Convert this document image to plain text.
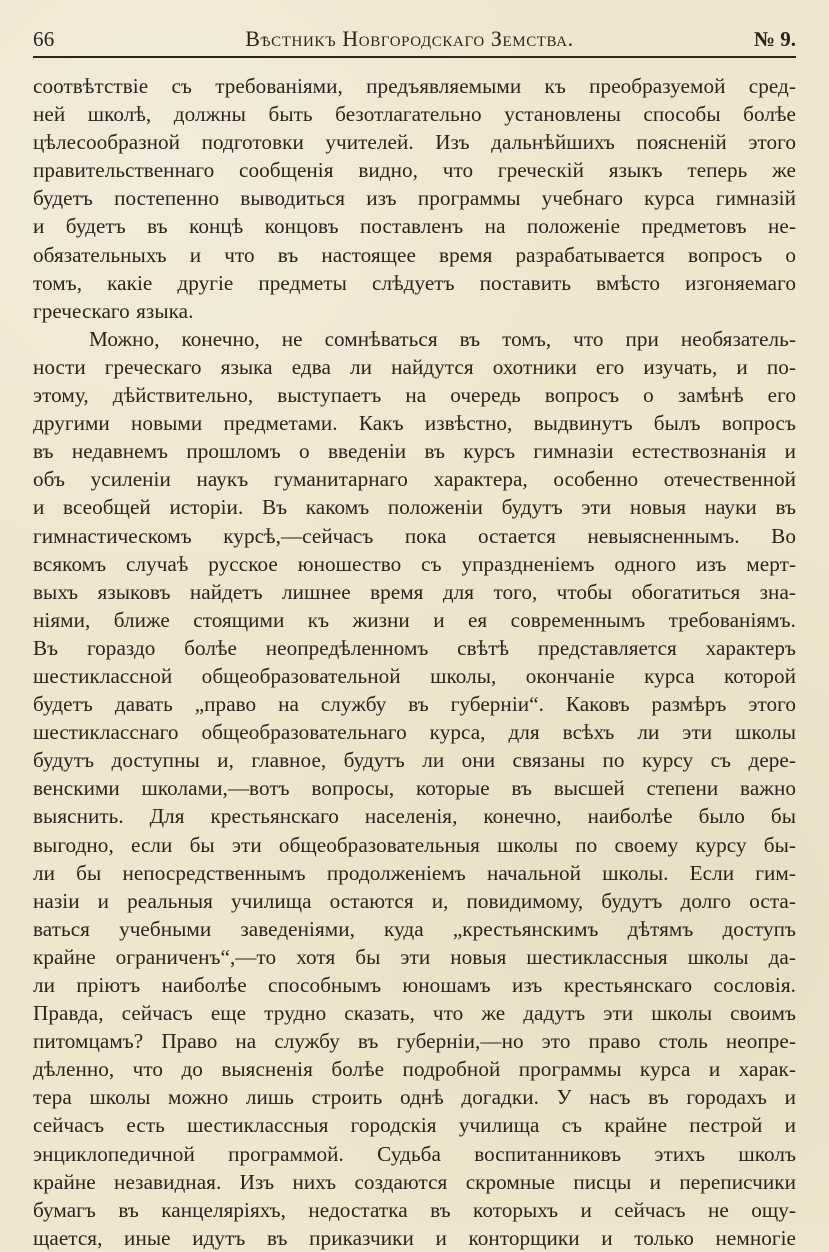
66	Вѣстникъ Новгородскаго Земства.	№ 9.
соотвѣтствіе съ требованіями, предъявляемыми къ преобразуемой сред-
ней школѣ, должны быть безотлагательно установлены способы болѣе
цѣлесообразной подготовки учителей. Изъ дальнѣйшихъ поясненій этого
правительственнаго сообщенія видно, что греческій языкъ теперь же
будетъ постепенно выводиться изъ программы учебнаго курса гимназій
и будетъ въ концѣ концовъ поставленъ на положеніе предметовъ не-
обязательныхъ и что въ настоящее время разрабатывается вопросъ о
томъ, какіе другіе предметы слѣдуетъ поставить вмѣсто изгоняемаго
греческаго языка.
Можно, конечно, не сомнѣваться въ томъ, что при необязатель-
ности греческаго языка едва ли найдутся охотники его изучать, и по-
этому, дѣйствительно, выступаетъ на очередь вопросъ о замѣнѣ его
другими новыми предметами. Какъ извѣстно, выдвинутъ былъ вопросъ
въ недавнемъ прошломъ о введеніи въ курсъ гимназіи естествознанія и
объ усиленіи наукъ гуманитарнаго характера, особенно отечественной
и всеобщей исторіи. Въ какомъ положеніи будутъ эти новыя науки въ
гимнастическомъ курсѣ,—сейчасъ пока остается невыясненнымъ. Во
всякомъ случаѣ русское юношество съ упраздненіемъ одного изъ мерт-
выхъ языковъ найдетъ лишнее время для того, чтобы обогатиться зна-
ніями, ближе стоящими къ жизни и ея современнымъ требованіямъ.
Въ гораздо болѣе неопредѣленномъ свѣтѣ представляется характеръ
шестиклассной общеобразовательной школы, окончаніе курса которой
будетъ давать „право на службу въ губерніи“. Каковъ размѣръ этого
шестикласснаго общеобразовательнаго курса, для всѣхъ ли эти школы
будутъ доступны и, главное, будутъ ли они связаны по курсу съ дере-
венскими школами,—вотъ вопросы, которые въ высшей степени важно
выяснить. Для крестьянскаго населенія, конечно, наиболѣе было бы
выгодно, если бы эти общеобразовательныя школы по своему курсу бы-
ли бы непосредственнымъ продолженіемъ начальной школы. Если гим-
назіи и реальныя училища остаются и, повидимому, будутъ долго оста-
ваться учебными заведеніями, куда „крестьянскимъ дѣтямъ доступъ
крайне ограниченъ“,—то хотя бы эти новыя шестиклассныя школы да-
ли пріютъ наиболѣе способнымъ юношамъ изъ крестьянскаго сословія.
Правда, сейчасъ еще трудно сказать, что же дадутъ эти школы своимъ
питомцамъ? Право на службу въ губерніи,—но это право столь неопре-
дѣленно, что до выясненія болѣе подробной программы курса и харак-
тера школы можно лишь строить однѣ догадки. У насъ въ городахъ и
сейчасъ есть шестиклассныя городскія училища съ крайне пестрой и
энциклопедичной программой. Судьба воспитанниковъ этихъ школъ
крайне незавидная. Изъ нихъ создаются скромные писцы и переписчики
бумагъ въ канцеляріяхъ, недостатка въ которыхъ и сейчасъ не ощу-
щается, иные идутъ въ приказчики и конторщики и только немногіе
